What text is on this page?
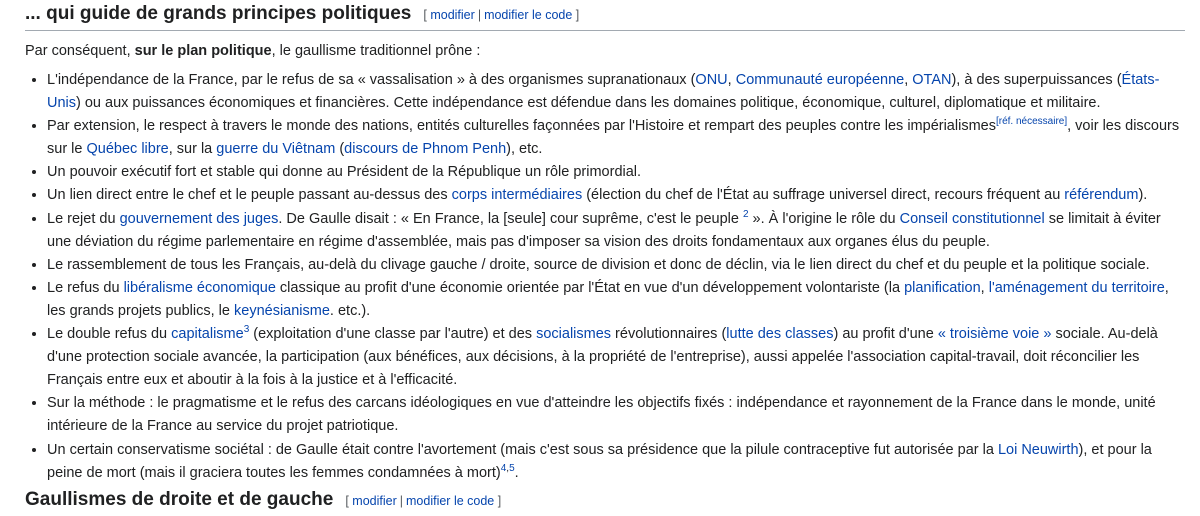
... qui guide de grands principes politiques [ modifier | modifier le code ]

Par conséquent, sur le plan politique, le gaullisme traditionnel prône :

• L'indépendance de la France, par le refus de sa « vassalisation » à des organismes supranationaux (ONU, Communauté européenne, OTAN), à des superpuissances (États-Unis) ou aux puissances économiques et financières. Cette indépendance est défendue dans les domaines politique, économique, culturel, diplomatique et militaire.
• Par extension, le respect à travers le monde des nations, entités culturelles façonnées par l'Histoire et rempart des peuples contre les impérialismes[réf. nécessaire], voir les discours sur le Québec libre, sur la guerre du Viêtnam (discours de Phnom Penh), etc.
• Un pouvoir exécutif fort et stable qui donne au Président de la République un rôle primordial.
• Un lien direct entre le chef et le peuple passant au-dessus des corps intermédiaires (élection du chef de l'État au suffrage universel direct, recours fréquent au référendum).
• Le rejet du gouvernement des juges. De Gaulle disait : « En France, la [seule] cour suprême, c'est le peuple $^2$ ». À l'origine le rôle du Conseil constitutionnel se limitait à éviter une déviation du régime parlementaire en régime d'assemblée, mais pas d'imposer sa vision des droits fondamentaux aux organes élus du peuple.
• Le rassemblement de tous les Français, au-delà du clivage gauche / droite, source de division et donc de déclin, via le lien direct du chef et du peuple et la politique sociale.
• Le refus du libéralisme économique classique au profit d'une économie orientée par l'État en vue d'un développement volontariste (la planification, l'aménagement du territoire, les grands projets publics, le keynésianisme. etc.).
• Le double refus du capitalisme$^3$ (exploitation d'une classe par l'autre) et des socialismes révolutionnaires (lutte des classes) au profit d'une « troisième voie » sociale. Au-delà d'une protection sociale avancée, la participation (aux bénéfices, aux décisions, à la propriété de l'entreprise), aussi appelée l'association capital-travail, doit réconcilier les Français entre eux et aboutir à la fois à la justice et à l'efficacité.
• Sur la méthode : le pragmatisme et le refus des carcans idéologiques en vue d'atteindre les objectifs fixés : indépendance et rayonnement de la France dans le monde, unité intérieure de la France au service du projet patriotique.
• Un certain conservatisme sociétal : de Gaulle était contre l'avortement (mais c'est sous sa présidence que la pilule contraceptive fut autorisée par la Loi Neuwirth), et pour la peine de mort (mais il graciera toutes les femmes condamnées à mort)$^{4,5}$.
Gaullismes de droite et de gauche [ modifier | modifier le code ]
